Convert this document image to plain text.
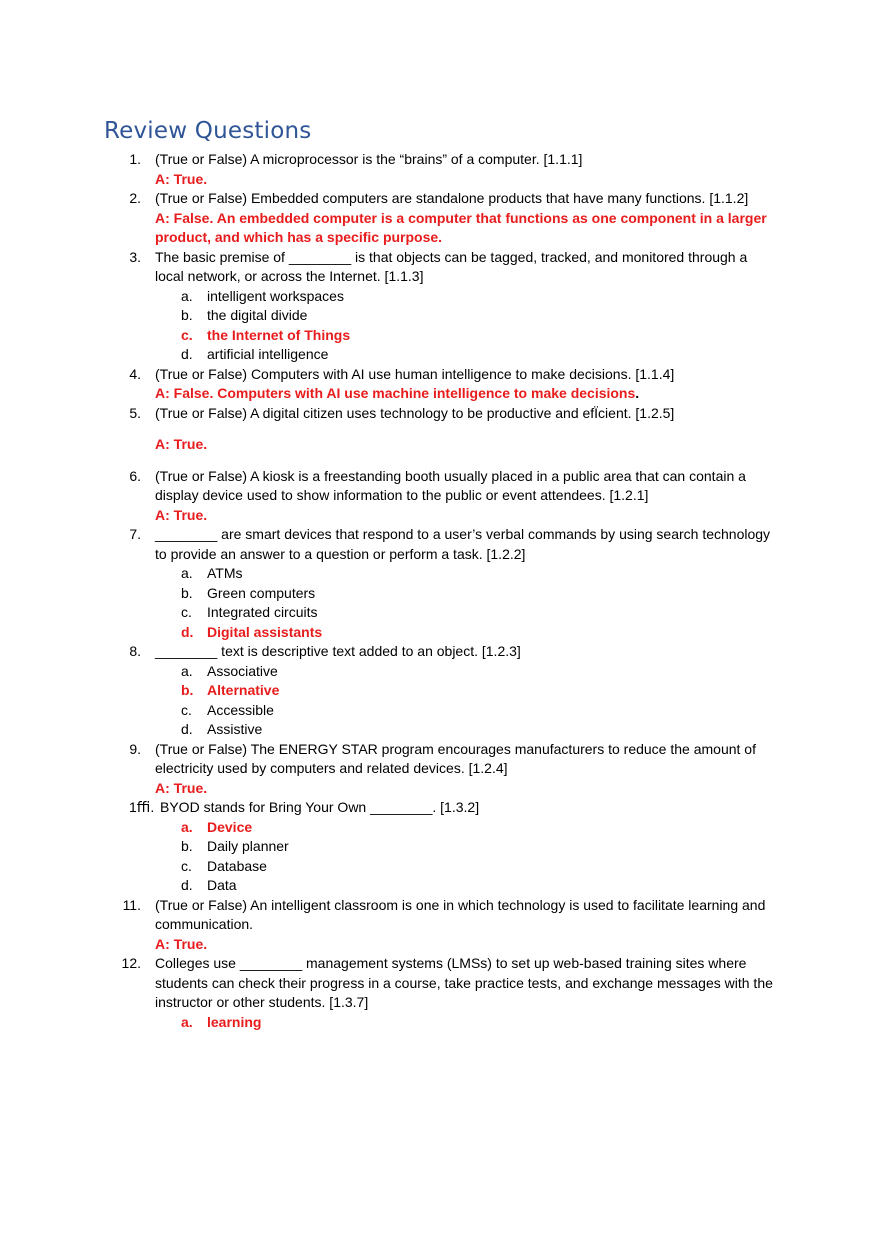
Review Questions
1. (True or False) A microprocessor is the “brains” of a computer. [1.1.1]
A: True.
2. (True or False) Embedded computers are standalone products that have many functions. [1.1.2]
A: False. An embedded computer is a computer that functions as one component in a larger product, and which has a specific purpose.
3. The basic premise of ________ is that objects can be tagged, tracked, and monitored through a local network, or across the Internet. [1.1.3]
a. intelligent workspaces
b. the digital divide
c. the Internet of Things
d. artificial intelligence
4. (True or False) Computers with AI use human intelligence to make decisions. [1.1.4]
A: False. Computers with AI use machine intelligence to make decisions.
5. (True or False) A digital citizen uses technology to be productive and efÏcient. [1.2.5]
A: True.
6. (True or False) A kiosk is a freestanding booth usually placed in a public area that can contain a display device used to show information to the public or event attendees. [1.2.1]
A: True.
7. ________ are smart devices that respond to a user’s verbal commands by using search technology to provide an answer to a question or perform a task. [1.2.2]
a. ATMs
b. Green computers
c. Integrated circuits
d. Digital assistants
8. ________ text is descriptive text added to an object. [1.2.3]
a. Associative
b. Alternative
c. Accessible
d. Assistive
9. (True or False) The ENERGY STAR program encourages manufacturers to reduce the amount of electricity used by computers and related devices. [1.2.4]
A: True.
1ﬃ. BYOD stands for Bring Your Own ________. [1.3.2]
a. Device
b. Daily planner
c. Database
d. Data
11. (True or False) An intelligent classroom is one in which technology is used to facilitate learning and communication.
A: True.
12. Colleges use ________ management systems (LMSs) to set up web-based training sites where students can check their progress in a course, take practice tests, and exchange messages with the instructor or other students. [1.3.7]
a. learning
